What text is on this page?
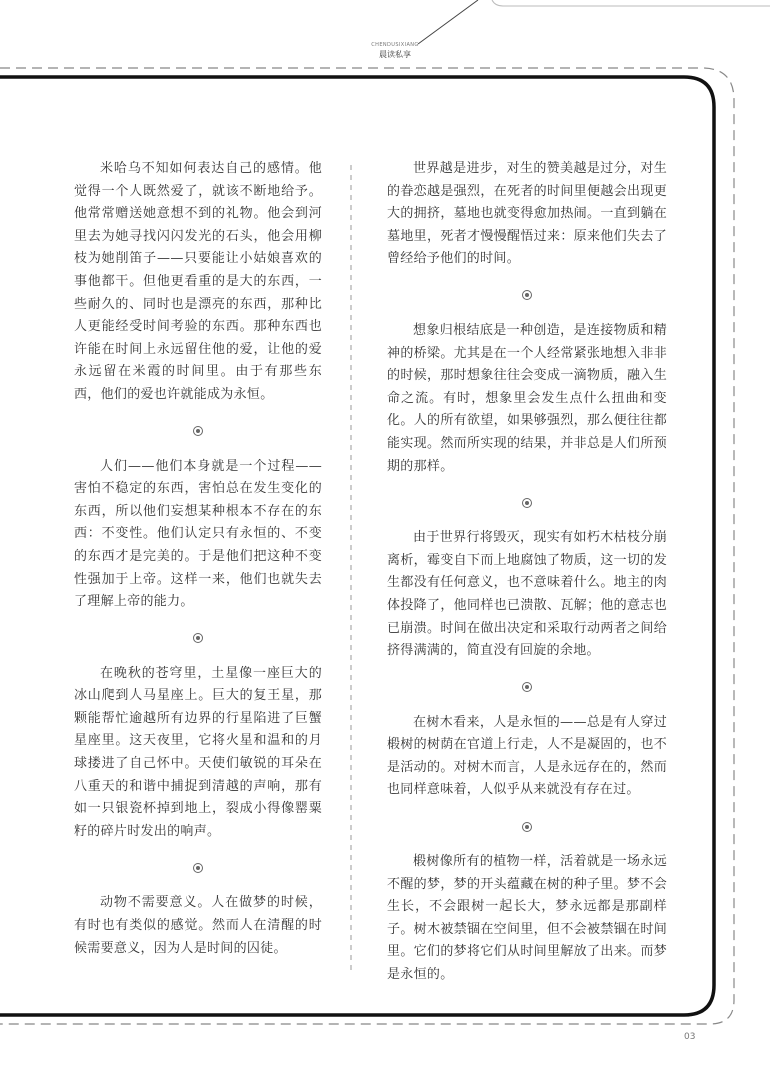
CHENDUSIXIANG
晨读私享

米哈乌不知如何表达自己的感情。他觉得一个人既然爱了，就该不断地给予。他常常赠送她意想不到的礼物。他会到河里去为她寻找闪闪发光的石头，他会用柳枝为她削笛子——只要能让小姑娘喜欢的事他都干。但他更看重的是大的东西，一些耐久的、同时也是漂亮的东西，那种比人更能经受时间考验的东西。那种东西也许能在时间上永远留住他的爱，让他的爱永远留在米霞的时间里。由于有那些东西，他们的爱也许就能成为永恒。

人们——他们本身就是一个过程——害怕不稳定的东西，害怕总在发生变化的东西，所以他们妄想某种根本不存在的东西：不变性。他们认定只有永恒的、不变的东西才是完美的。于是他们把这种不变性强加于上帝。这样一来，他们也就失去了理解上帝的能力。

在晚秋的苍穹里，土星像一座巨大的冰山爬到人马星座上。巨大的复王星，那颗能帮忙逾越所有边界的行星陷进了巨蟹星座里。这天夜里，它将火星和温和的月球搂进了自己怀中。天使们敏锐的耳朵在八重天的和谐中捕捉到清越的声响，那有如一只银瓷杯掉到地上，裂成小得像罂粟籽的碎片时发出的响声。

动物不需要意义。人在做梦的时候，有时也有类似的感觉。然而人在清醒的时候需要意义，因为人是时间的囚徒。

世界越是进步，对生的赞美越是过分，对生的眷恋越是强烈，在死者的时间里便越会出现更大的拥挤，墓地也就变得愈加热闹。一直到躺在墓地里，死者才慢慢醒悟过来：原来他们失去了曾经给予他们的时间。

想象归根结底是一种创造，是连接物质和精神的桥梁。尤其是在一个人经常紧张地想入非非的时候，那时想象往往会变成一滴物质，融入生命之流。有时，想象里会发生点什么扭曲和变化。人的所有欲望，如果够强烈，那么便往往都能实现。然而所实现的结果，并非总是人们所预期的那样。

由于世界行将毁灭，现实有如朽木枯枝分崩离析，霉变自下而上地腐蚀了物质，这一切的发生都没有任何意义，也不意味着什么。地主的肉体投降了，他同样也已溃散、瓦解；他的意志也已崩溃。时间在做出决定和采取行动两者之间给挤得满满的，简直没有回旋的余地。

在树木看来，人是永恒的——总是有人穿过椴树的树荫在官道上行走，人不是凝固的，也不是活动的。对树木而言，人是永远存在的，然而也同样意味着，人似乎从来就没有存在过。

椴树像所有的植物一样，活着就是一场永远不醒的梦，梦的开头蕴藏在树的种子里。梦不会生长，不会跟树一起长大，梦永远都是那副样子。树木被禁锢在空间里，但不会被禁锢在时间里。它们的梦将它们从时间里解放了出来。而梦是永恒的。

03
